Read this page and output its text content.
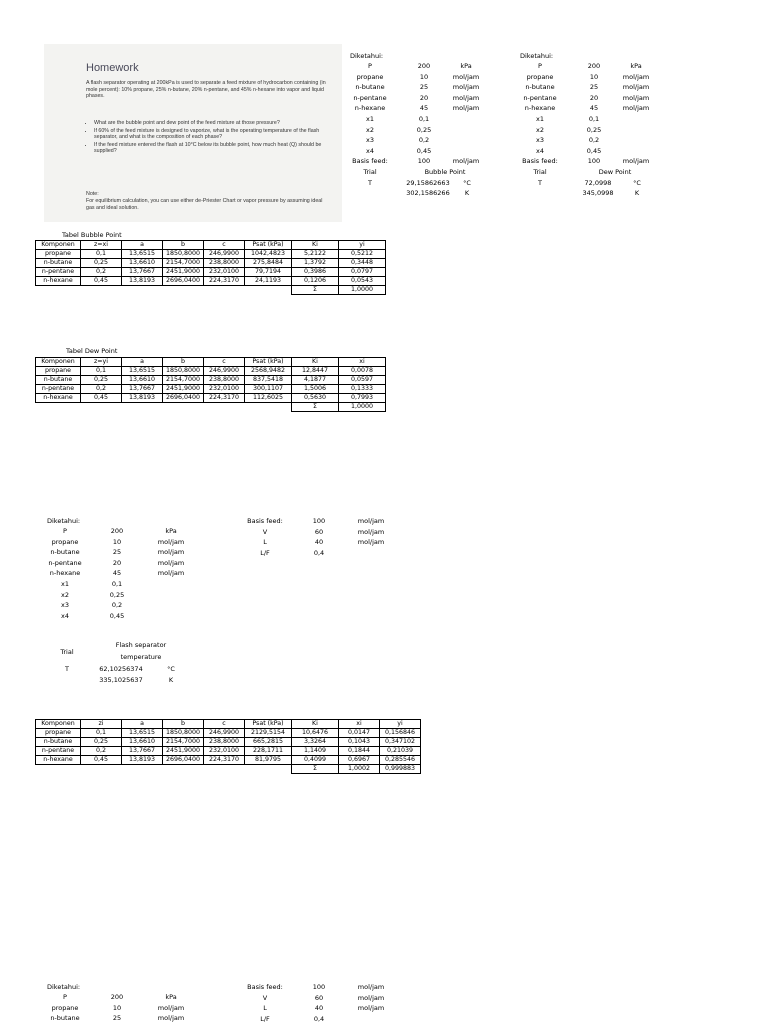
Homework
A flash separator operating at 200kPa is used to separate a feed mixture of hydrocarbon containing (in mole percent): 10% propane, 25% n-butane, 20% n-pentane, and 45% n-hexane into vapor and liquid phases.
• What are the bubble point and dew point of the feed mixture at those pressure?
• If 60% of the feed mixture is designed to vaporize, what is the operating temperature of the flash separator, and what is the composition of each phase?
• If the feed mixture entered the flash at 10°C below its bubble point, how much heat (Q) should be supplied?
Note:
For equilibrium calculation, you can use either de-Priester Chart or vapor pressure by assuming ideal gas and ideal solution.
Diketahui:
P	200	kPa
propane	10	mol/jam
n-butane	25	mol/jam
n-pentane	20	mol/jam
n-hexane	45	mol/jam
x1	0,1
x2	0,25
x3	0,2
x4	0,45
Basis feed:	100	mol/jam
Trial	Bubble Point
T	29,15862663	°C
302,1586266	K
Diketahui:
P	200	kPa
propane	10	mol/jam
n-butane	25	mol/jam
n-pentane	20	mol/jam
n-hexane	45	mol/jam
x1	0,1
x2	0,25
x3	0,2
x4	0,45
Basis feed:	100	mol/jam
Trial	Dew Point
T	72,0998	°C
345,0998	K
Tabel Bubble Point
Komponen	z=xi	a	b	c	Psat (kPa)	Ki	yi
propane	0,1	13,6515	1850,8000	246,9900	1042,4823	5,2122	0,5212
n-butane	0,25	13,6610	2154,7000	238,8000	275,8484	1,3792	0,3448
n-pentane	0,2	13,7667	2451,9000	232,0100	79,7194	0,3986	0,0797
n-hexane	0,45	13,8193	2696,0400	224,3170	24,1193	0,1206	0,0543
						Σ	1,0000
Tabel Dew Point
Komponen	z=yi	a	b	c	Psat (kPa)	Ki	xi
propane	0,1	13,6515	1850,8000	246,9900	2568,9482	12,8447	0,0078
n-butane	0,25	13,6610	2154,7000	238,8000	837,5418	4,1877	0,0597
n-pentane	0,2	13,7667	2451,9000	232,0100	300,1107	1,5006	0,1333
n-hexane	0,45	13,8193	2696,0400	224,3170	112,6025	0,5630	0,7993
						Σ	1,0000
Diketahui:
P	200	kPa
propane	10	mol/jam
n-butane	25	mol/jam
n-pentane	20	mol/jam
n-hexane	45	mol/jam
x1	0,1
x2	0,25
x3	0,2
x4	0,45
Basis feed:	100	mol/jam
V	60	mol/jam
L	40	mol/jam
L/F	0,4
Flash separator
Trial
temperature
T	62,10256374	°C
335,1025637	K
Komponen	zi	a	b	c	Psat (kPa)	Ki	xi	yi
propane	0,1	13,6515	1850,8000	246,9900	2129,5154	10,6476	0,0147	0,156846
n-butane	0,25	13,6610	2154,7000	238,8000	665,2815	3,3264	0,1043	0,347102
n-pentane	0,2	13,7667	2451,9000	232,0100	228,1711	1,1409	0,1844	0,21039
n-hexane	0,45	13,8193	2696,0400	224,3170	81,9795	0,4099	0,6967	0,285546
						Σ	1,0002	0,999883
Diketahui:
P	200	kPa
propane	10	mol/jam
n-butane	25	mol/jam
Basis feed:	100	mol/jam
V	60	mol/jam
L	40	mol/jam
L/F	0,4
